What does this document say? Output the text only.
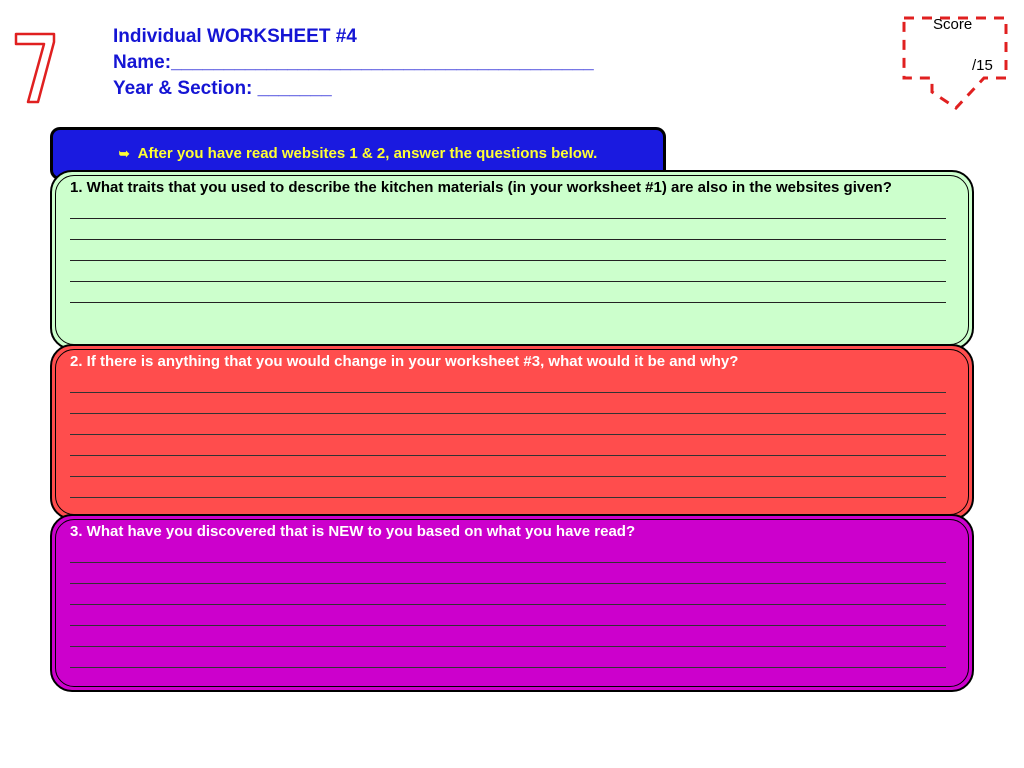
Individual WORKSHEET #4
Name:________________________________________
Year & Section: _______
Score
/15
➥ After you have read websites 1 & 2, answer the questions below.
1. What traits that you used to describe the kitchen materials (in your worksheet #1) are also in the websites given?
2. If there is anything that you would change in your worksheet #3, what would it be and why?
3. What have you discovered that is NEW to you based on what you have read?
